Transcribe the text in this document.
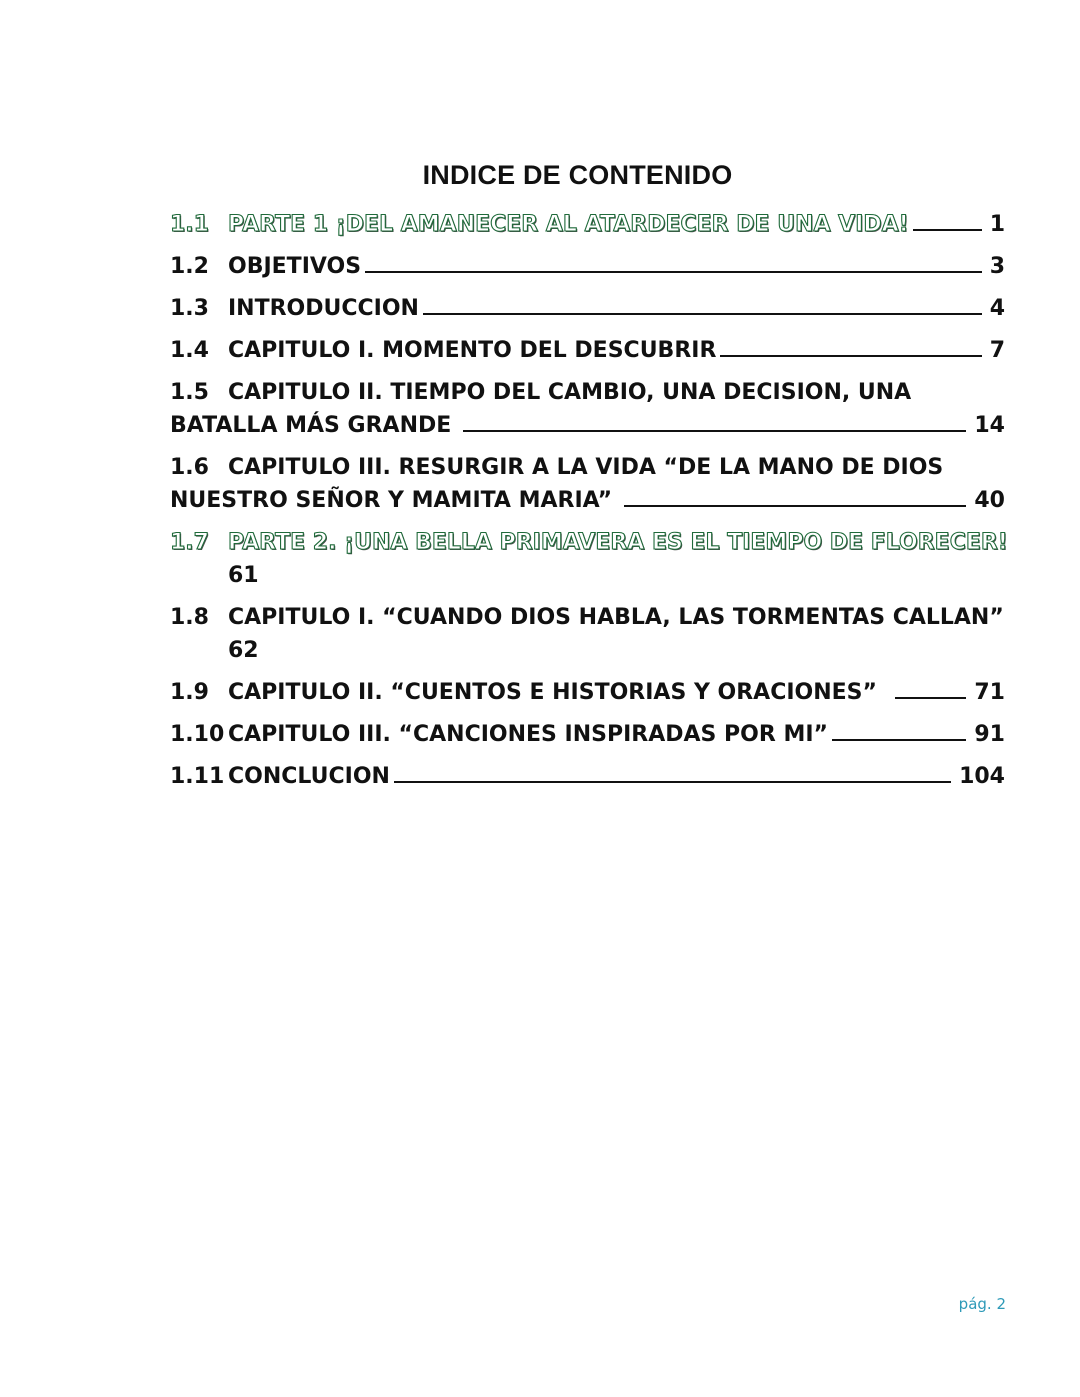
INDICE DE CONTENIDO
1.1 PARTE 1 ¡DEL AMANECER AL ATARDECER DE UNA VIDA!	1
1.2 OBJETIVOS	3
1.3 INTRODUCCION	4
1.4 CAPITULO I. MOMENTO DEL DESCUBRIR	7
1.5 CAPITULO II. TIEMPO DEL CAMBIO, UNA DECISION, UNA
BATALLA MÁS GRANDE	14
1.6 CAPITULO III. RESURGIR A LA VIDA “DE LA MANO DE DIOS
NUESTRO SEÑOR Y MAMITA MARIA”	40
1.7 PARTE 2. ¡UNA BELLA PRIMAVERA ES EL TIEMPO DE FLORECER!
61
1.8 CAPITULO I. “CUANDO DIOS HABLA, LAS TORMENTAS CALLAN”
62
1.9 CAPITULO II. “CUENTOS E HISTORIAS Y ORACIONES”	71
1.10 CAPITULO III. “CANCIONES INSPIRADAS POR MI”	91
1.11 CONCLUCION	104
pág. 2
